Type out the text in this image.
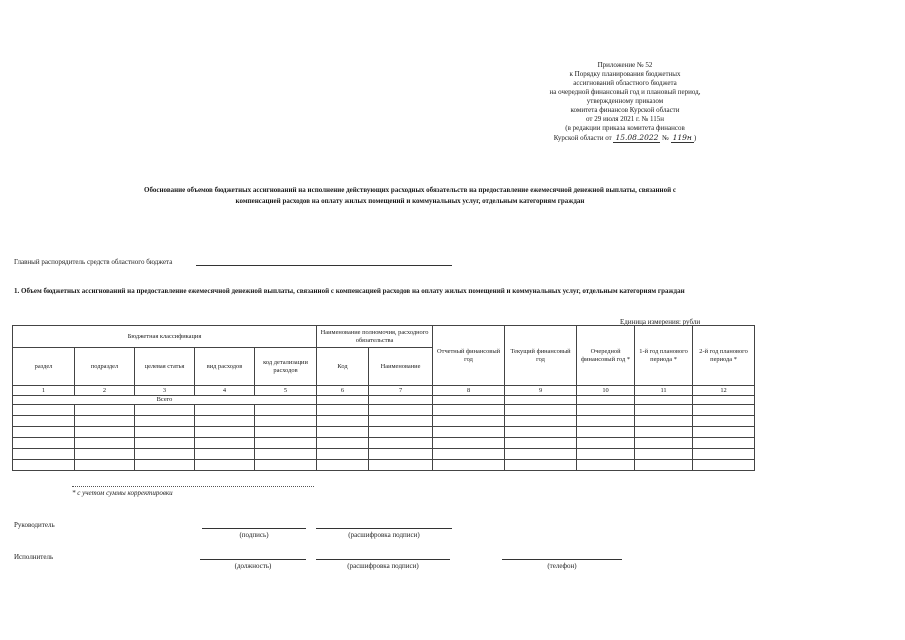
Приложение № 52
к Порядку планирования бюджетных
ассигнований областного бюджета
на очередной финансовый год и плановый период,
утвержденному приказом
комитета финансов Курской области
от 29 июля 2021 г. № 115н
(в редакции приказа комитета финансов
Курской области от 15.08.2022 № 119н )
Обоснование объемов бюджетных ассигнований на исполнение действующих расходных обязательств на предоставление ежемесячной денежной выплаты, связанной с компенсацией расходов на оплату жилых помещений и коммунальных услуг, отдельным категориям граждан
Главный распорядитель средств областного бюджета
1. Объем бюджетных ассигнований на предоставление ежемесячной денежной выплаты, связанной с компенсацией расходов на оплату жилых помещений и коммунальных услуг, отдельным категориям граждан
Единица измерения: рубли
Бюджетная классификация					Наименование полномочия, расходного обязательства		Отчетный финансовый год	Текущий финансовый год	Очередной финансовый год *	1-й год планового периода *	2-й год планового периода *
раздел	подраздел	целевая статья	вид расходов	код детализации расходов	Код	Наименование					
1	2	3	4	5	6	7	8	9	10	11	12
Всего											

* с учетом суммы корректировки
Руководитель
(подпись)	(расшифровка подписи)
Исполнитель
(должность)	(расшифровка подписи)	(телефон)
